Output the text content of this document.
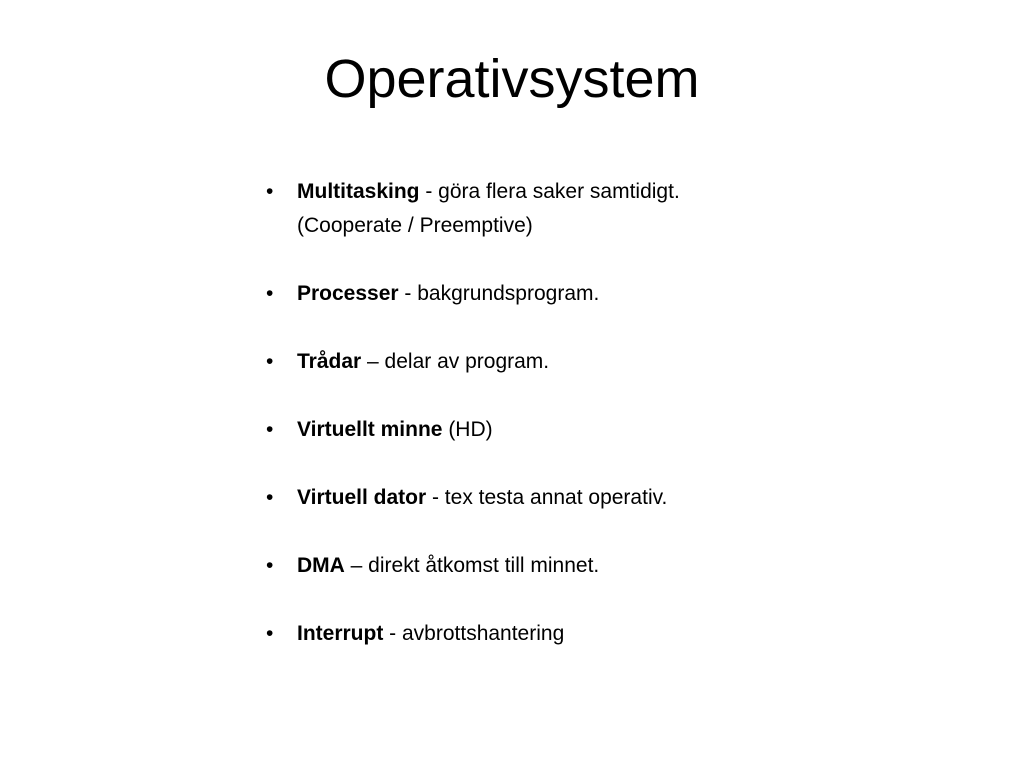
Operativsystem
•	Multitasking - göra flera saker samtidigt.
(Cooperate / Preemptive)
•	Processer - bakgrundsprogram.
•	Trådar – delar av program.
•	Virtuellt minne (HD)
•	Virtuell dator - tex testa annat operativ.
•	DMA – direkt åtkomst till minnet.
•	Interrupt - avbrottshantering
